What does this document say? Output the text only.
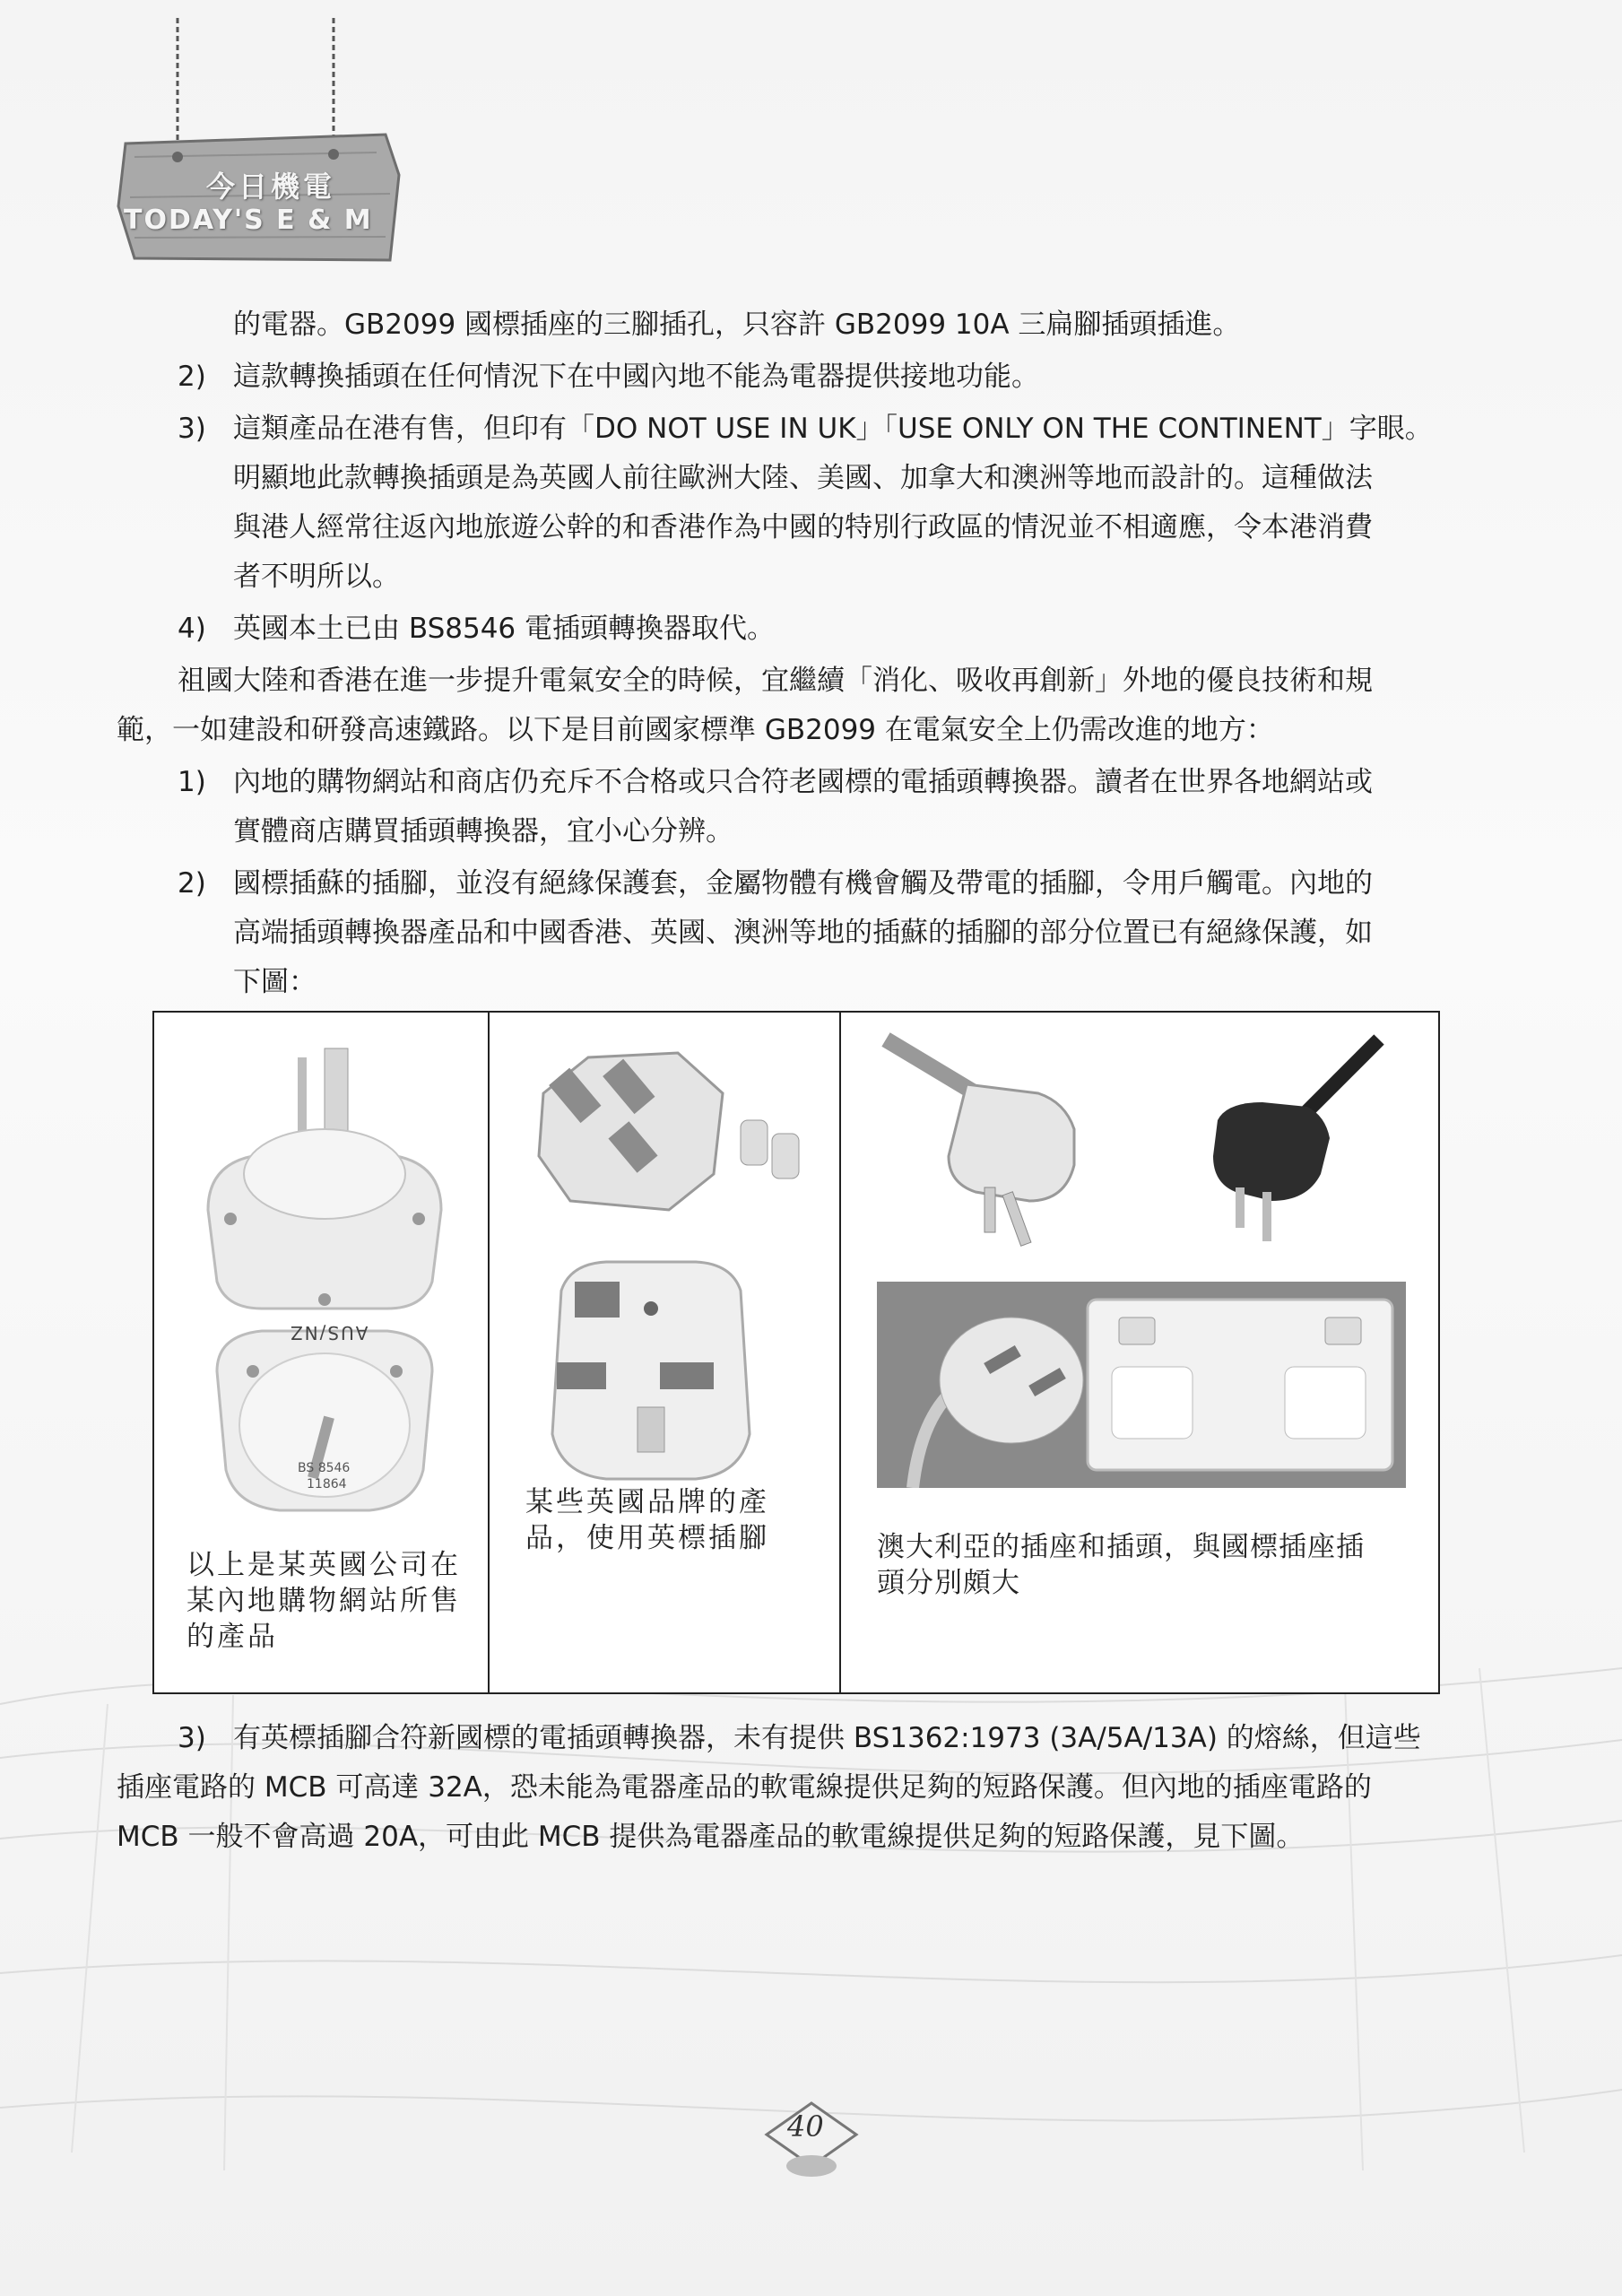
今日機電
TODAY'S E & M
的電器。GB2099 國標插座的三腳插孔，只容許 GB2099 10A 三扁腳插頭插進。
2) 這款轉換插頭在任何情況下在中國內地不能為電器提供接地功能。
3) 這類產品在港有售，但印有「DO NOT USE IN UK」「USE ONLY ON THE CONTINENT」字眼。
明顯地此款轉換插頭是為英國人前往歐洲大陸、美國、加拿大和澳洲等地而設計的。這種做法
與港人經常往返內地旅遊公幹的和香港作為中國的特別行政區的情況並不相適應，令本港消費
者不明所以。
4) 英國本土已由 BS8546 電插頭轉換器取代。
祖國大陸和香港在進一步提升電氣安全的時候，宜繼續「消化、吸收再創新」外地的優良技術和規
範，一如建設和研發高速鐵路。以下是目前國家標準 GB2099 在電氣安全上仍需改進的地方：
1) 內地的購物網站和商店仍充斥不合格或只合符老國標的電插頭轉換器。讀者在世界各地網站或
實體商店購買插頭轉換器，宜小心分辨。
2) 國標插蘇的插腳，並沒有絕緣保護套，金屬物體有機會觸及帶電的插腳，令用戶觸電。內地的
高端插頭轉換器產品和中國香港、英國、澳洲等地的插蘇的插腳的部分位置已有絕緣保護，如
下圖：
3) 有英標插腳合符新國標的電插頭轉換器，未有提供 BS1362:1973 (3A/5A/13A) 的熔絲，但這些
插座電路的 MCB 可高達 32A，恐未能為電器產品的軟電線提供足夠的短路保護。但內地的插座電路的
MCB 一般不會高過 20A，可由此 MCB 提供為電器產品的軟電線提供足夠的短路保護，見下圖。
AUS/NZ
BS 8546
11864
以上是某英國公司在
某內地購物網站所售
的產品
某些英國品牌的產
品，使用英標插腳	澳大利亞的插座和插頭，與國標插座插
頭分別頗大
40
